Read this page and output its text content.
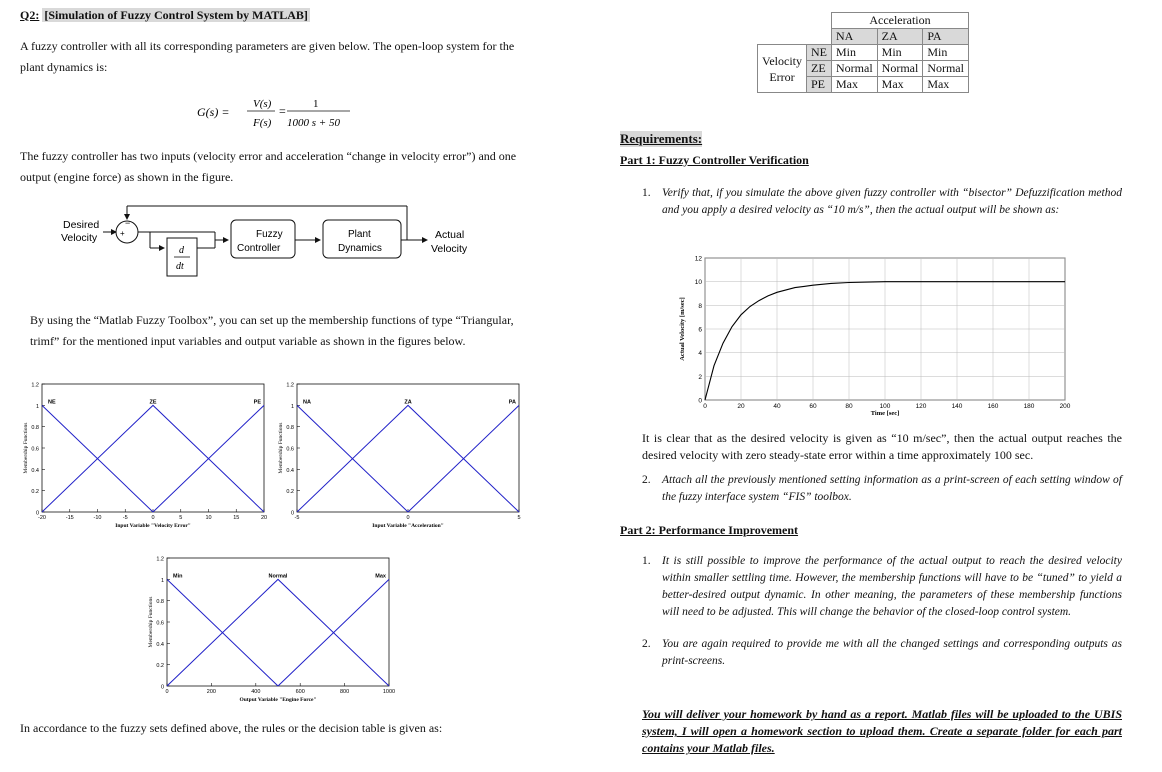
Q2: [Simulation of Fuzzy Control System by MATLAB]
A fuzzy controller with all its corresponding parameters are given below. The open-loop system for the
plant dynamics is:
G(s) =
V(s)
F(s)
= 1
1000 s + 50
The fuzzy controller has two inputs (velocity error and acceleration “change in velocity error”) and one
output (engine force) as shown in the figure.
Desired
Velocity	+
−
d
dt
Fuzzy
Controller
Plant
Dynamics
Actual
Velocity
By using the “Matlab Fuzzy Toolbox”, you can set up the membership functions of type “Triangular,
trimf” for the mentioned input variables and output variable as shown in the figures below.
0
0.2
0.4
0.6
0.8
1
1.2
-20	-15	-10	-5	0	5	10	15	20
Input Variable "Velocity Error"
Membership Functions
NE	ZE	PE
0
0.2
0.4
0.6
0.8
1
1.2
-5	0	5
Input Variable "Acceleration"
Membership Functions
NA	ZA	PA
0
0.2
0.4
0.6
0.8
1
1.2
0	200	400	600	800	1000
Output Variable "Engine Force"
Membership Functions
Min	Normal	Max
In accordance to the fuzzy sets defined above, the rules or the decision table is given as:
		Acceleration		
		NA	ZA	PA

Velocity
Error	NE	Min	Min	Min
	ZE	Normal	Normal	Normal
	PE	Max	Max	Max
Requirements:
Part 1: Fuzzy Controller Verification
1. Verify that, if you simulate the above given fuzzy controller with “bisector” Defuzzification method and you apply a desired velocity as “10 m/s”, then the actual output will be shown as:
0	20	40	60	80	100	120	140	160	180	200
0
2
4
6
8
10
12
Time [sec]
Actual Velocity [m/sec]
It is clear that as the desired velocity is given as “10 m/sec”, then the actual output reaches the desired velocity with zero steady-state error within a time approximately 100 sec.
2. Attach all the previously mentioned setting information as a print-screen of each setting window of the fuzzy interface system “FIS” toolbox.
Part 2: Performance Improvement
1. It is still possible to improve the performance of the actual output to reach the desired velocity within smaller settling time. However, the membership functions will have to be “tuned” to yield a better-desired output dynamic. In other meaning, the parameters of these membership functions will need to be adjusted. This will change the behavior of the closed-loop control system.
2. You are again required to provide me with all the changed settings and corresponding outputs as print-screens.
You will deliver your homework by hand as a report. Matlab files will be uploaded to the UBIS system, I will open a homework section to upload them. Create a separate folder for each part contains your Matlab files.
